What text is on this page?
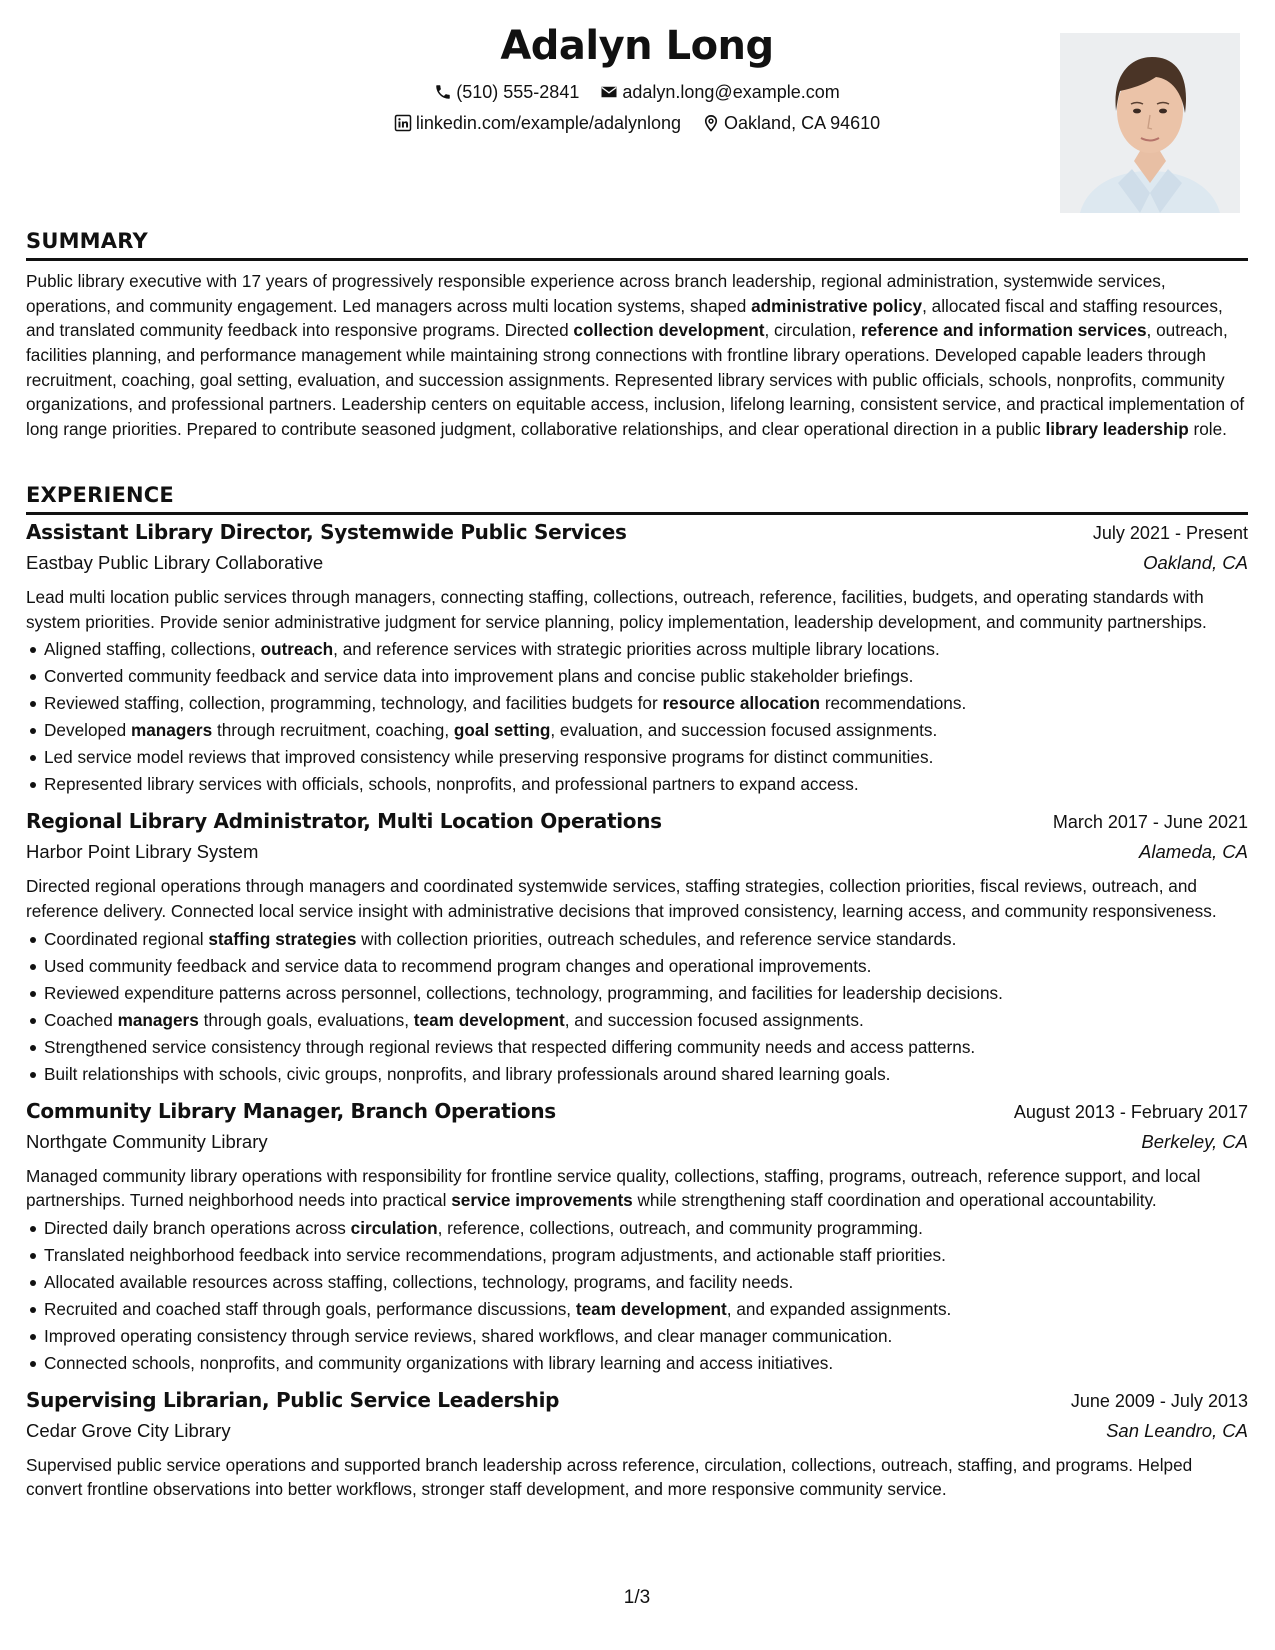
Adalyn Long
(510) 555-2841
adalyn.long@example.com
linkedin.com/example/adalynlong
Oakland, CA 94610
SUMMARY
Public library executive with 17 years of progressively responsible experience across branch leadership, regional administration, systemwide services, operations, and community engagement. Led managers across multi location systems, shaped administrative policy, allocated fiscal and staffing resources, and translated community feedback into responsive programs. Directed collection development, circulation, reference and information services, outreach, facilities planning, and performance management while maintaining strong connections with frontline library operations. Developed capable leaders through recruitment, coaching, goal setting, evaluation, and succession assignments. Represented library services with public officials, schools, nonprofits, community organizations, and professional partners. Leadership centers on equitable access, inclusion, lifelong learning, consistent service, and practical implementation of long range priorities. Prepared to contribute seasoned judgment, collaborative relationships, and clear operational direction in a public library leadership role.
EXPERIENCE
Assistant Library Director, Systemwide Public Services	July 2021 - Present
Eastbay Public Library Collaborative	Oakland, CA
Lead multi location public services through managers, connecting staffing, collections, outreach, reference, facilities, budgets, and operating standards with system priorities. Provide senior administrative judgment for service planning, policy implementation, leadership development, and community partnerships.
Aligned staffing, collections, outreach, and reference services with strategic priorities across multiple library locations.
Converted community feedback and service data into improvement plans and concise public stakeholder briefings.
Reviewed staffing, collection, programming, technology, and facilities budgets for resource allocation recommendations.
Developed managers through recruitment, coaching, goal setting, evaluation, and succession focused assignments.
Led service model reviews that improved consistency while preserving responsive programs for distinct communities.
Represented library services with officials, schools, nonprofits, and professional partners to expand access.
Regional Library Administrator, Multi Location Operations	March 2017 - June 2021
Harbor Point Library System	Alameda, CA
Directed regional operations through managers and coordinated systemwide services, staffing strategies, collection priorities, fiscal reviews, outreach, and reference delivery. Connected local service insight with administrative decisions that improved consistency, learning access, and community responsiveness.
Coordinated regional staffing strategies with collection priorities, outreach schedules, and reference service standards.
Used community feedback and service data to recommend program changes and operational improvements.
Reviewed expenditure patterns across personnel, collections, technology, programming, and facilities for leadership decisions.
Coached managers through goals, evaluations, team development, and succession focused assignments.
Strengthened service consistency through regional reviews that respected differing community needs and access patterns.
Built relationships with schools, civic groups, nonprofits, and library professionals around shared learning goals.
Community Library Manager, Branch Operations	August 2013 - February 2017
Northgate Community Library	Berkeley, CA
Managed community library operations with responsibility for frontline service quality, collections, staffing, programs, outreach, reference support, and local partnerships. Turned neighborhood needs into practical service improvements while strengthening staff coordination and operational accountability.
Directed daily branch operations across circulation, reference, collections, outreach, and community programming.
Translated neighborhood feedback into service recommendations, program adjustments, and actionable staff priorities.
Allocated available resources across staffing, collections, technology, programs, and facility needs.
Recruited and coached staff through goals, performance discussions, team development, and expanded assignments.
Improved operating consistency through service reviews, shared workflows, and clear manager communication.
Connected schools, nonprofits, and community organizations with library learning and access initiatives.
Supervising Librarian, Public Service Leadership	June 2009 - July 2013
Cedar Grove City Library	San Leandro, CA
Supervised public service operations and supported branch leadership across reference, circulation, collections, outreach, staffing, and programs. Helped convert frontline observations into better workflows, stronger staff development, and more responsive community service.
1/3
